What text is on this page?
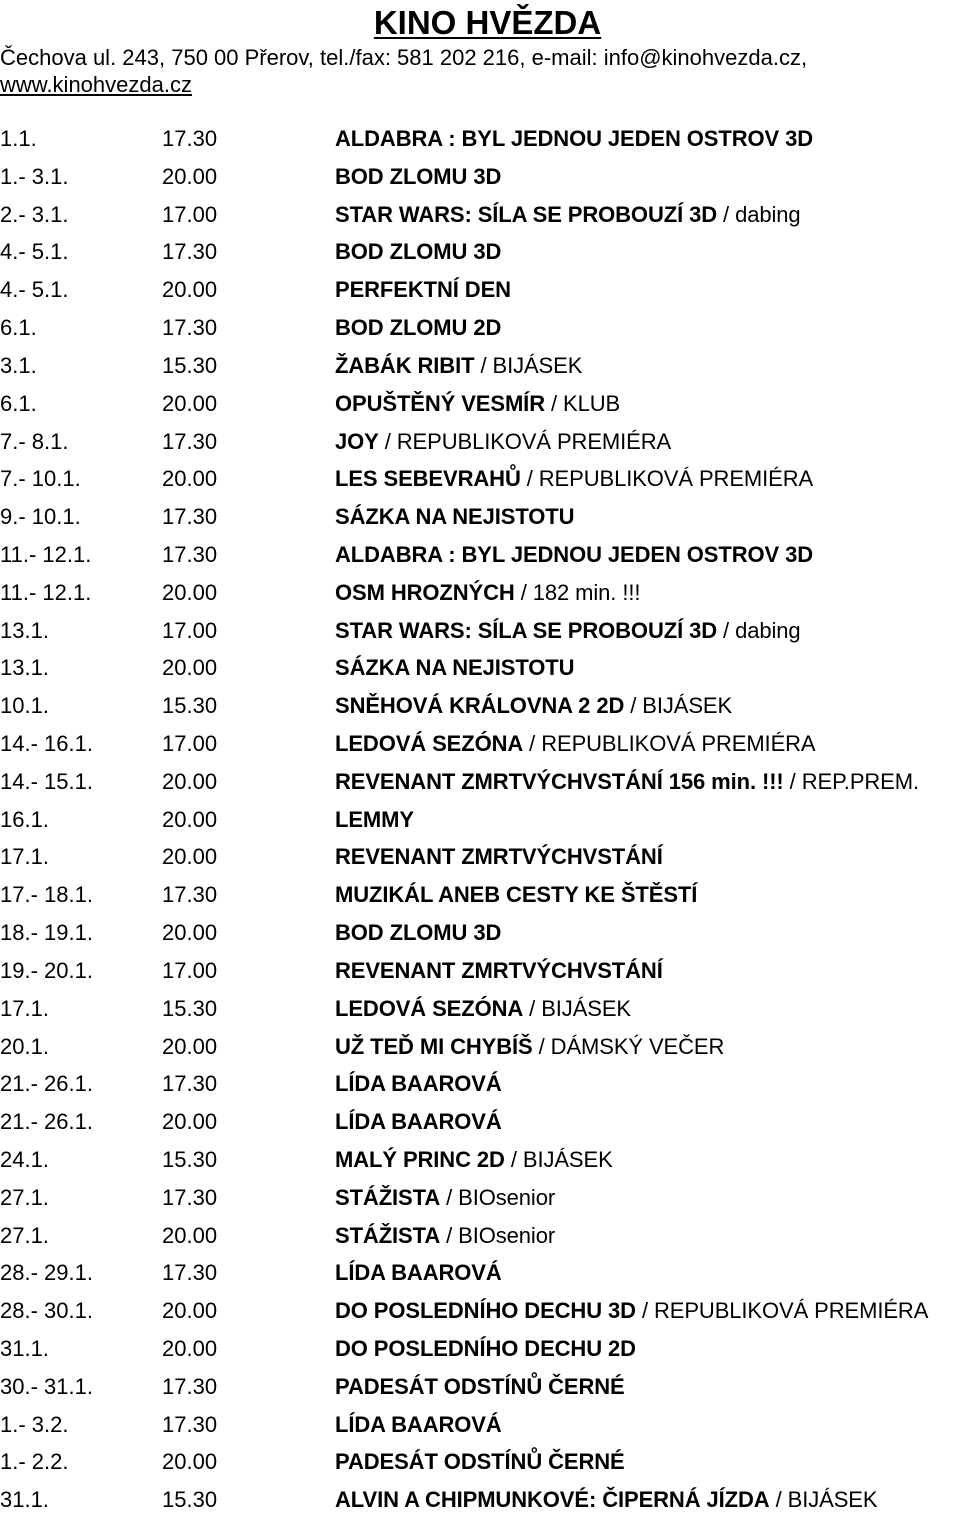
KINO HVĚZDA
Čechova ul. 243, 750 00 Přerov, tel./fax: 581 202 216, e-mail: info@kinohvezda.cz,
www.kinohvezda.cz
1.1.	17.30	ALDABRA : BYL JEDNOU JEDEN OSTROV 3D
1.- 3.1.	20.00	BOD ZLOMU 3D
2.- 3.1.	17.00	STAR WARS: SÍLA SE PROBOUZÍ 3D / dabing
4.- 5.1.	17.30	BOD ZLOMU 3D
4.- 5.1.	20.00	PERFEKTNÍ DEN
6.1.	17.30	BOD ZLOMU 2D
3.1.	15.30	ŽABÁK RIBIT / BIJÁSEK
6.1.	20.00	OPUŠTĚNÝ VESMÍR / KLUB
7.- 8.1.	17.30	JOY / REPUBLIKOVÁ PREMIÉRA
7.- 10.1.	20.00	LES SEBEVRAHŮ / REPUBLIKOVÁ PREMIÉRA
9.- 10.1.	17.30	SÁZKA NA NEJISTOTU
11.- 12.1.	17.30	ALDABRA : BYL JEDNOU JEDEN OSTROV 3D
11.- 12.1.	20.00	OSM HROZNÝCH / 182 min. !!!
13.1.	17.00	STAR WARS: SÍLA SE PROBOUZÍ 3D / dabing
13.1.	20.00	SÁZKA NA NEJISTOTU
10.1.	15.30	SNĚHOVÁ KRÁLOVNA 2 2D / BIJÁSEK
14.- 16.1.	17.00	LEDOVÁ SEZÓNA / REPUBLIKOVÁ PREMIÉRA
14.- 15.1.	20.00	REVENANT ZMRTVÝCHVSTÁNÍ 156 min. !!! / REP.PREM.
16.1.	20.00	LEMMY
17.1.	20.00	REVENANT ZMRTVÝCHVSTÁNÍ
17.- 18.1.	17.30	MUZIKÁL ANEB CESTY KE ŠTĚSTÍ
18.- 19.1.	20.00	BOD ZLOMU 3D
19.- 20.1.	17.00	REVENANT ZMRTVÝCHVSTÁNÍ
17.1.	15.30	LEDOVÁ SEZÓNA / BIJÁSEK
20.1.	20.00	UŽ TEĎ MI CHYBÍŠ / DÁMSKÝ VEČER
21.- 26.1.	17.30	LÍDA BAAROVÁ
21.- 26.1.	20.00	LÍDA BAAROVÁ
24.1.	15.30	MALÝ PRINC 2D / BIJÁSEK
27.1.	17.30	STÁŽISTA / BIOsenior
27.1.	20.00	STÁŽISTA / BIOsenior
28.- 29.1.	17.30	LÍDA BAAROVÁ
28.- 30.1.	20.00	DO POSLEDNÍHO DECHU 3D / REPUBLIKOVÁ PREMIÉRA
31.1.	20.00	DO POSLEDNÍHO DECHU 2D
30.- 31.1.	17.30	PADESÁT ODSTÍNŮ ČERNÉ
1.- 3.2.	17.30	LÍDA BAAROVÁ
1.- 2.2.	20.00	PADESÁT ODSTÍNŮ ČERNÉ
31.1.	15.30	ALVIN A CHIPMUNKOVÉ: ČIPERNÁ JÍZDA / BIJÁSEK
